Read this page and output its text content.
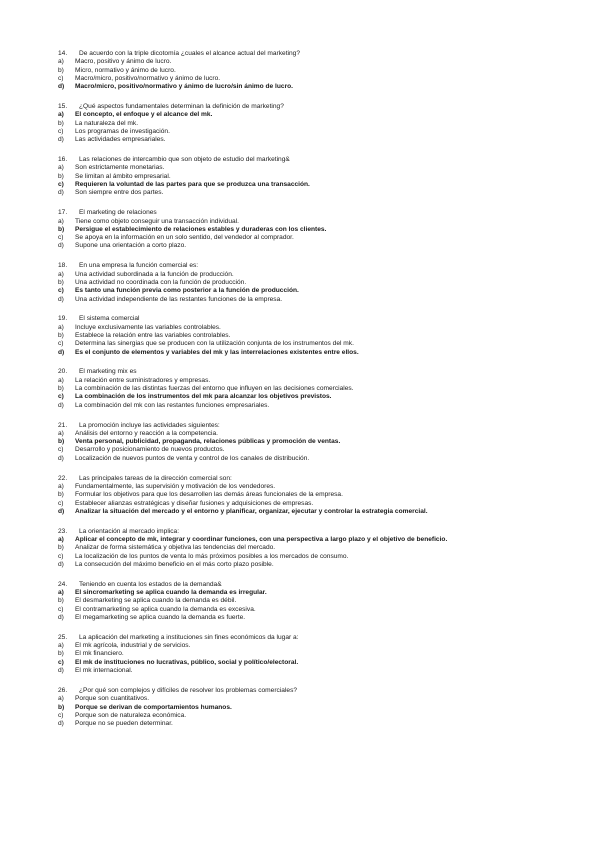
14.	De acuerdo con la triple dicotomía ¿cuales el alcance actual del marketing?
a)	Macro, positivo y ánimo de lucro.
b)	Micro, normativo y ánimo de lucro.
c)	Macro/micro, positivo/normativo y ánimo de lucro.
d)	Macro/micro, positivo/normativo y ánimo de lucro/sin ánimo de lucro.
15.	¿Qué aspectos fundamentales determinan la definición de marketing?
a)	El concepto, el enfoque y el alcance del mk.
b)	La naturaleza del mk.
c)	Los programas de investigación.
d)	Las actividades empresariales.
16.	Las relaciones de intercambio que son objeto de estudio del marketing&
a)	Son estrictamente monetarias.
b)	Se limitan al ámbito empresarial.
c)	Requieren la voluntad de las partes para que se produzca una transacción.
d)	Son siempre entre dos partes.
17.	El marketing de relaciones
a)	Tiene como objeto conseguir una transacción individual.
b)	Persigue el establecimiento de relaciones estables y duraderas con los clientes.
c)	Se apoya en la información en un solo sentido, del vendedor al comprador.
d)	Supone una orientación a corto plazo.
18.	En una empresa la función comercial es:
a)	Una actividad subordinada a la función de producción.
b)	Una actividad no coordinada con la función de producción.
c)	Es tanto una función previa como posterior a la función de producción.
d)	Una actividad independiente de las restantes funciones de la empresa.
19.	El sistema comercial
a)	Incluye exclusivamente las variables controlables.
b)	Establece la relación entre las variables controlables.
c)	Determina las sinergias que se producen con la utilización conjunta de los instrumentos del mk.
d)	Es el conjunto de elementos y variables del mk y las interrelaciones existentes entre ellos.
20.	El marketing mix es
a)	La relación entre suministradores y empresas.
b)	La combinación de las distintas fuerzas del entorno que influyen en las decisiones comerciales.
c)	La combinación de los instrumentos del mk para alcanzar los objetivos previstos.
d)	La combinación del mk con las restantes funciones empresariales.
21.	La promoción incluye las actividades siguientes:
a)	Análisis del entorno y reacción a la competencia.
b)	Venta personal, publicidad, propaganda, relaciones públicas y promoción de ventas.
c)	Desarrollo y posicionamiento de nuevos productos.
d)	Localización de nuevos puntos de venta y control de los canales de distribución.
22.	Las principales tareas de la dirección comercial son:
a)	Fundamentalmente, las supervisión y motivación de los vendedores.
b)	Formular los objetivos para que los desarrollen las demás áreas funcionales de la empresa.
c)	Establecer alianzas estratégicas y diseñar fusiones y adquisiciones de empresas.
d)	Analizar la situación del mercado y el entorno y planificar, organizar, ejecutar y controlar la estrategia comercial.
23.	La orientación al mercado implica:
a)	Aplicar el concepto de mk, integrar y coordinar funciones, con una perspectiva a largo plazo y el objetivo de beneficio.
b)	Analizar de forma sistemática y objetiva las tendencias del mercado.
c)	La localización de los puntos de venta lo más próximos posibles a los mercados de consumo.
d)	La consecución del máximo beneficio en el más corto plazo posible.
24.	Teniendo en cuenta los estados de la demanda&
a)	El sincromarketing se aplica cuando la demanda es irregular.
b)	El desmarketing se aplica cuando la demanda es débil.
c)	El contramarketing se aplica cuando la demanda es excesiva.
d)	El megamarketing se aplica cuando la demanda es fuerte.
25.	La aplicación del marketing a instituciones sin fines económicos da lugar a:
a)	El mk agrícola, industrial y de servicios.
b)	El mk financiero.
c)	El mk de instituciones no lucrativas, público, social y político/electoral.
d)	El mk internacional.
26.	¿Por qué son complejos y difíciles de resolver los problemas comerciales?
a)	Porque son cuantitativos.
b)	Porque se derivan de comportamientos humanos.
c)	Porque son de naturaleza económica.
d)	Porque no se pueden determinar.
